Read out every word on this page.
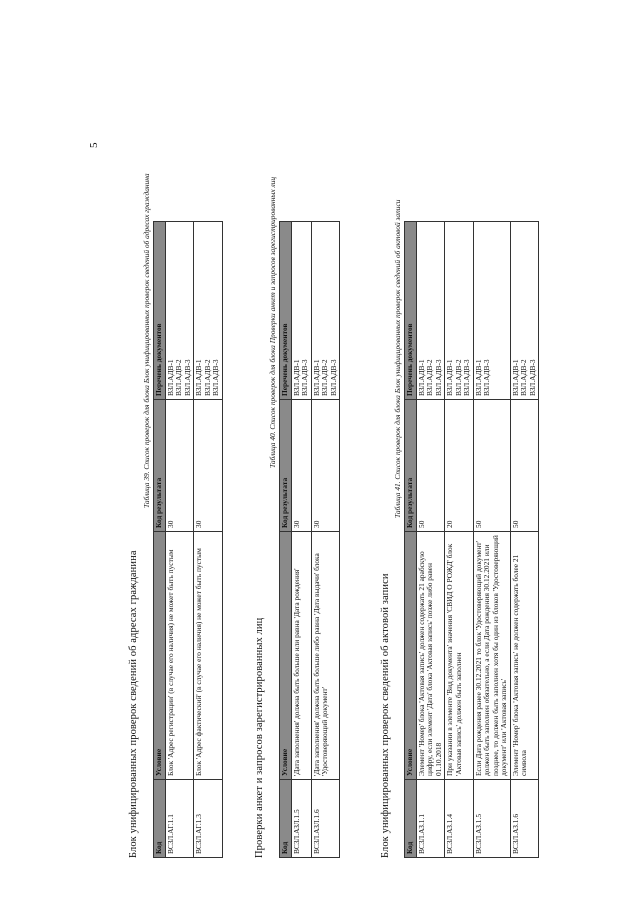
5
Блок унифицированных проверок сведений об адресах гражданина
Таблица 39. Список проверок для блока Блок унифицированных проверок сведений об адресах гражданина
Код	Условие	Код результата	Перечень документов
ВСЗЛ.АГ.1.1	Блок 'Адрес регистрации' (в случае его наличия) не может быть пустым	30	ВЗЛ.АДВ-1 ВЗЛ.АДВ-2 ВЗЛ.АДВ-3

ВСЗЛ.АГ.1.3	Блок 'Адрес фактический' (в случае его наличия) не может быть пустым	30	ВЗЛ.АДВ-1 ВЗЛ.АДВ-2 ВЗЛ.АДВ-3
Проверки анкет и запросов зарегистрированных лиц
Таблица 40. Список проверок для блока Проверки анкет и запросов зарегистрированных лиц
Код	Условие	Код результата	Перечень документов
ВСЗЛ.АЗЛ.1.5	'Дата заполнения' должна быть больше или равна 'Дата рождения'	30	ВЗЛ.АДВ-1 ВЗЛ.АДВ-3

ВСЗЛ.АЗЛ.1.6	'Дата заполнения' должна быть больше либо равна 'Дата выдачи' блока 'Удостоверяющий документ'	30	ВЗЛ.АДВ-1 ВЗЛ.АДВ-2 ВЗЛ.АДВ-3
Блок унифицированных проверок сведений об актовой записи
Таблица 41. Список проверок для блока Блок унифицированных проверок сведений об актовой записи
Код	Условие	Код результата	Перечень документов
ВСЗЛ.АЗ.1.1	Элемент 'Номер' блока 'Актовая запись' должен содержать 21 арабскую цифру, если элемент 'Дата' блока 'Актовая запись' позже либо равен 01.10.2018	50	ВЗЛ.АДВ-1 ВЗЛ.АДВ-2 ВЗЛ.АДВ-3

ВСЗЛ.АЗ.1.4	При указании в элементе 'Вид документа' значения 'СВИД О РОЖД' блок 'Актовая запись' должен быть заполнен	20	ВЗЛ.АДВ-1 ВЗЛ.АДВ-2 ВЗЛ.АДВ-3

ВСЗЛ.АЗ.1.5	Если Дата рождения ранее 30.12.2021 то блок 'Удостоверяющий документ' должен быть заполнен обязательно, а если Дата рождения 30.12.2021 или позднее, то должен быть заполнен хотя бы один из блоков 'Удостоверяющий документ' или 'Актовая запись'	50	ВЗЛ.АДВ-1 ВЗЛ.АДВ-3

ВСЗЛ.АЗ.1.6	Элемент 'Номер' блока 'Актовая запись' не должен содержать более 21 символа	50	ВЗЛ.АДВ-1 ВЗЛ.АДВ-2 ВЗЛ.АДВ-3
